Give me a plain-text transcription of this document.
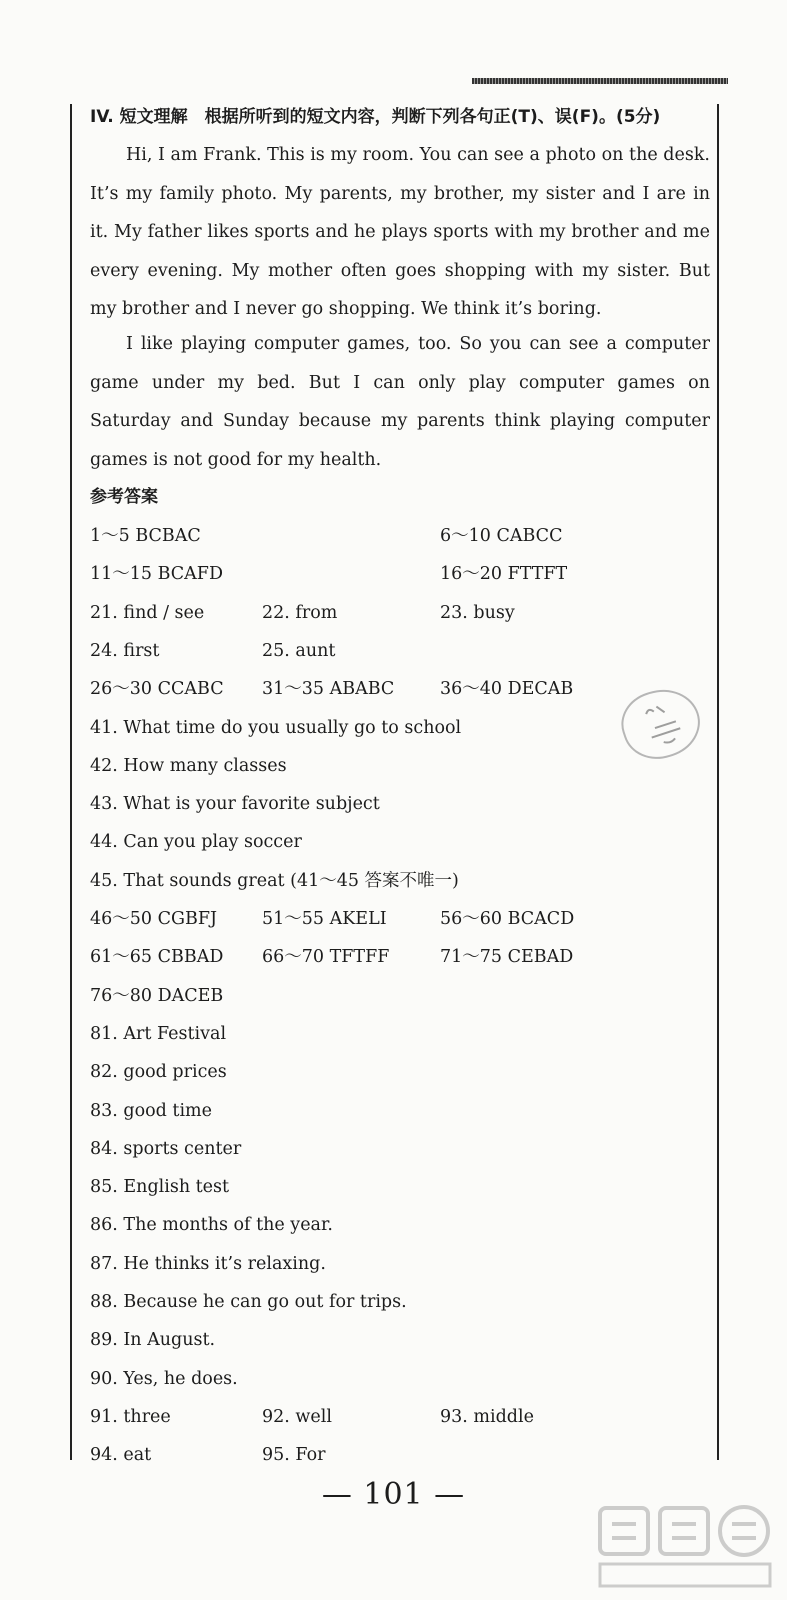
IV. 短文理解　根据所听到的短文内容，判断下列各句正(T)、误(F)。(5分)

Hi, I am Frank. This is my room. You can see a photo on the desk. It’s my family photo. My parents, my brother, my sister and I are in it. My father likes sports and he plays sports with my brother and me every evening. My mother often goes shopping with my sister. But my brother and I never go shopping. We think it’s boring.

I like playing computer games, too. So you can see a computer game under my bed. But I can only play computer games on Saturday and Sunday because my parents think playing computer games is not good for my health.

参考答案
1～5 BCBAC	6～10 CABCC
11～15 BCAFD	16～20 FTTFT
21. find / see	22. from	23. busy
24. first	25. aunt
26～30 CCABC 31～35 ABABC	36～40 DECAB
41. What time do you usually go to school
42. How many classes
43. What is your favorite subject
44. Can you play soccer
45. That sounds great (41～45 答案不唯一)
46～50 CGBFJ	51～55 AKELI	56～60 BCACD
61～65 CBBAD 66～70 TFTFF	71～75 CEBAD
76～80 DACEB
81. Art Festival
82. good prices
83. good time
84. sports center
85. English test
86. The months of the year.
87. He thinks it’s relaxing.
88. Because he can go out for trips.
89. In August.
90. Yes, he does.
91. three	92. well	93. middle
94. eat	95. For
— 101 —
